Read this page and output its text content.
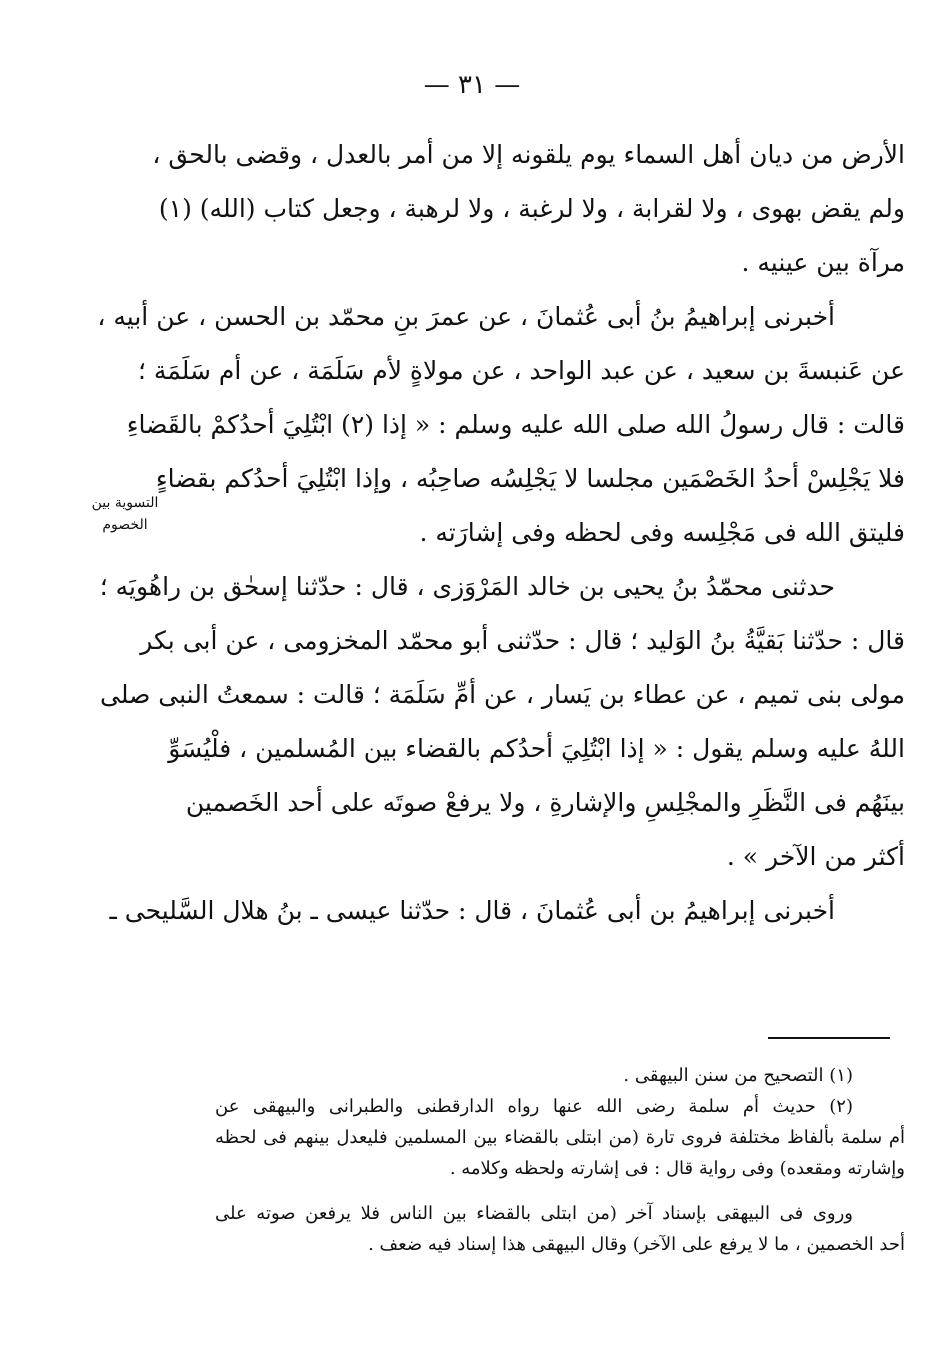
— ٣١ —
التسوية بين
الخصوم
الأرض من ديان أهل السماء يوم يلقونه إلا من أمر بالعدل ، وقضى بالحق ،
ولم يقض بهوى ، ولا لقرابة ، ولا لرغبة ، ولا لرهبة ، وجعل كتاب (الله) (١)
مرآة بين عينيه .
أخبرنى إبراهيمُ بنُ أبى عُثمانَ ، عن عمرَ بنِ محمّد بن الحسن ، عن أبيه ،
عن عَنبسةَ بن سعيد ، عن عبد الواحد ، عن مولاةٍ لأم سَلَمَة ، عن أم سَلَمَة ؛
قالت : قال رسولُ الله صلى الله عليه وسلم : « إذا (٢) ابْتُلِيَ أحدُكمْ بالقَضاءِ
فلا يَجْلِسْ أحدُ الخَصْمَين مجلسا لا يَجْلِسُه صاحِبُه ، وإذا ابْتُلِيَ أحدُكم بقضاءٍ
فليتق الله فى مَجْلِسه وفى لحظه وفى إشارَته .
حدثنى محمّدُ بنُ يحيى بن خالد المَرْوَزى ، قال : حدّثنا إسحٰق بن راهُويَه ؛
قال : حدّثنا بَقيَّةُ بنُ الوَليد ؛ قال : حدّثنى أبو محمّد المخزومى ، عن أبى بكر
مولى بنى تميم ، عن عطاء بن يَسار ، عن أمِّ سَلَمَة ؛ قالت : سمعتُ النبى صلى
اللهُ عليه وسلم يقول : « إذا ابْتُلِيَ أحدُكم بالقضاء بين المُسلمين ، فلْيُسَوِّ
بينَهُم فى النَّظَرِ والمجْلِسِ والإشارةِ ، ولا يرفعْ صوتَه على أحد الخَصمين
أكثر من الآخر » .
أخبرنى إبراهيمُ بن أبى عُثمانَ ، قال : حدّثنا عيسى ـ بنُ هلال السَّليحى ـ
(١) التصحيح من سنن البيهقى .
(٢) حديث أم سلمة رضى الله عنها رواه الدارقطنى والطبرانى والبيهقى عن
أم سلمة بألفاظ مختلفة فروى تارة (من ابتلى بالقضاء بين المسلمين فليعدل بينهم فى لحظه
وإشارته ومقعده) وفى رواية قال : فى إشارته ولحظه وكلامه .
وروى فى البيهقى بإسناد آخر (من ابتلى بالقضاء بين الناس فلا يرفعن صوته على
أحد الخصمين ، ما لا يرفع على الآخر) وقال البيهقى هذا إسناد فيه ضعف .
